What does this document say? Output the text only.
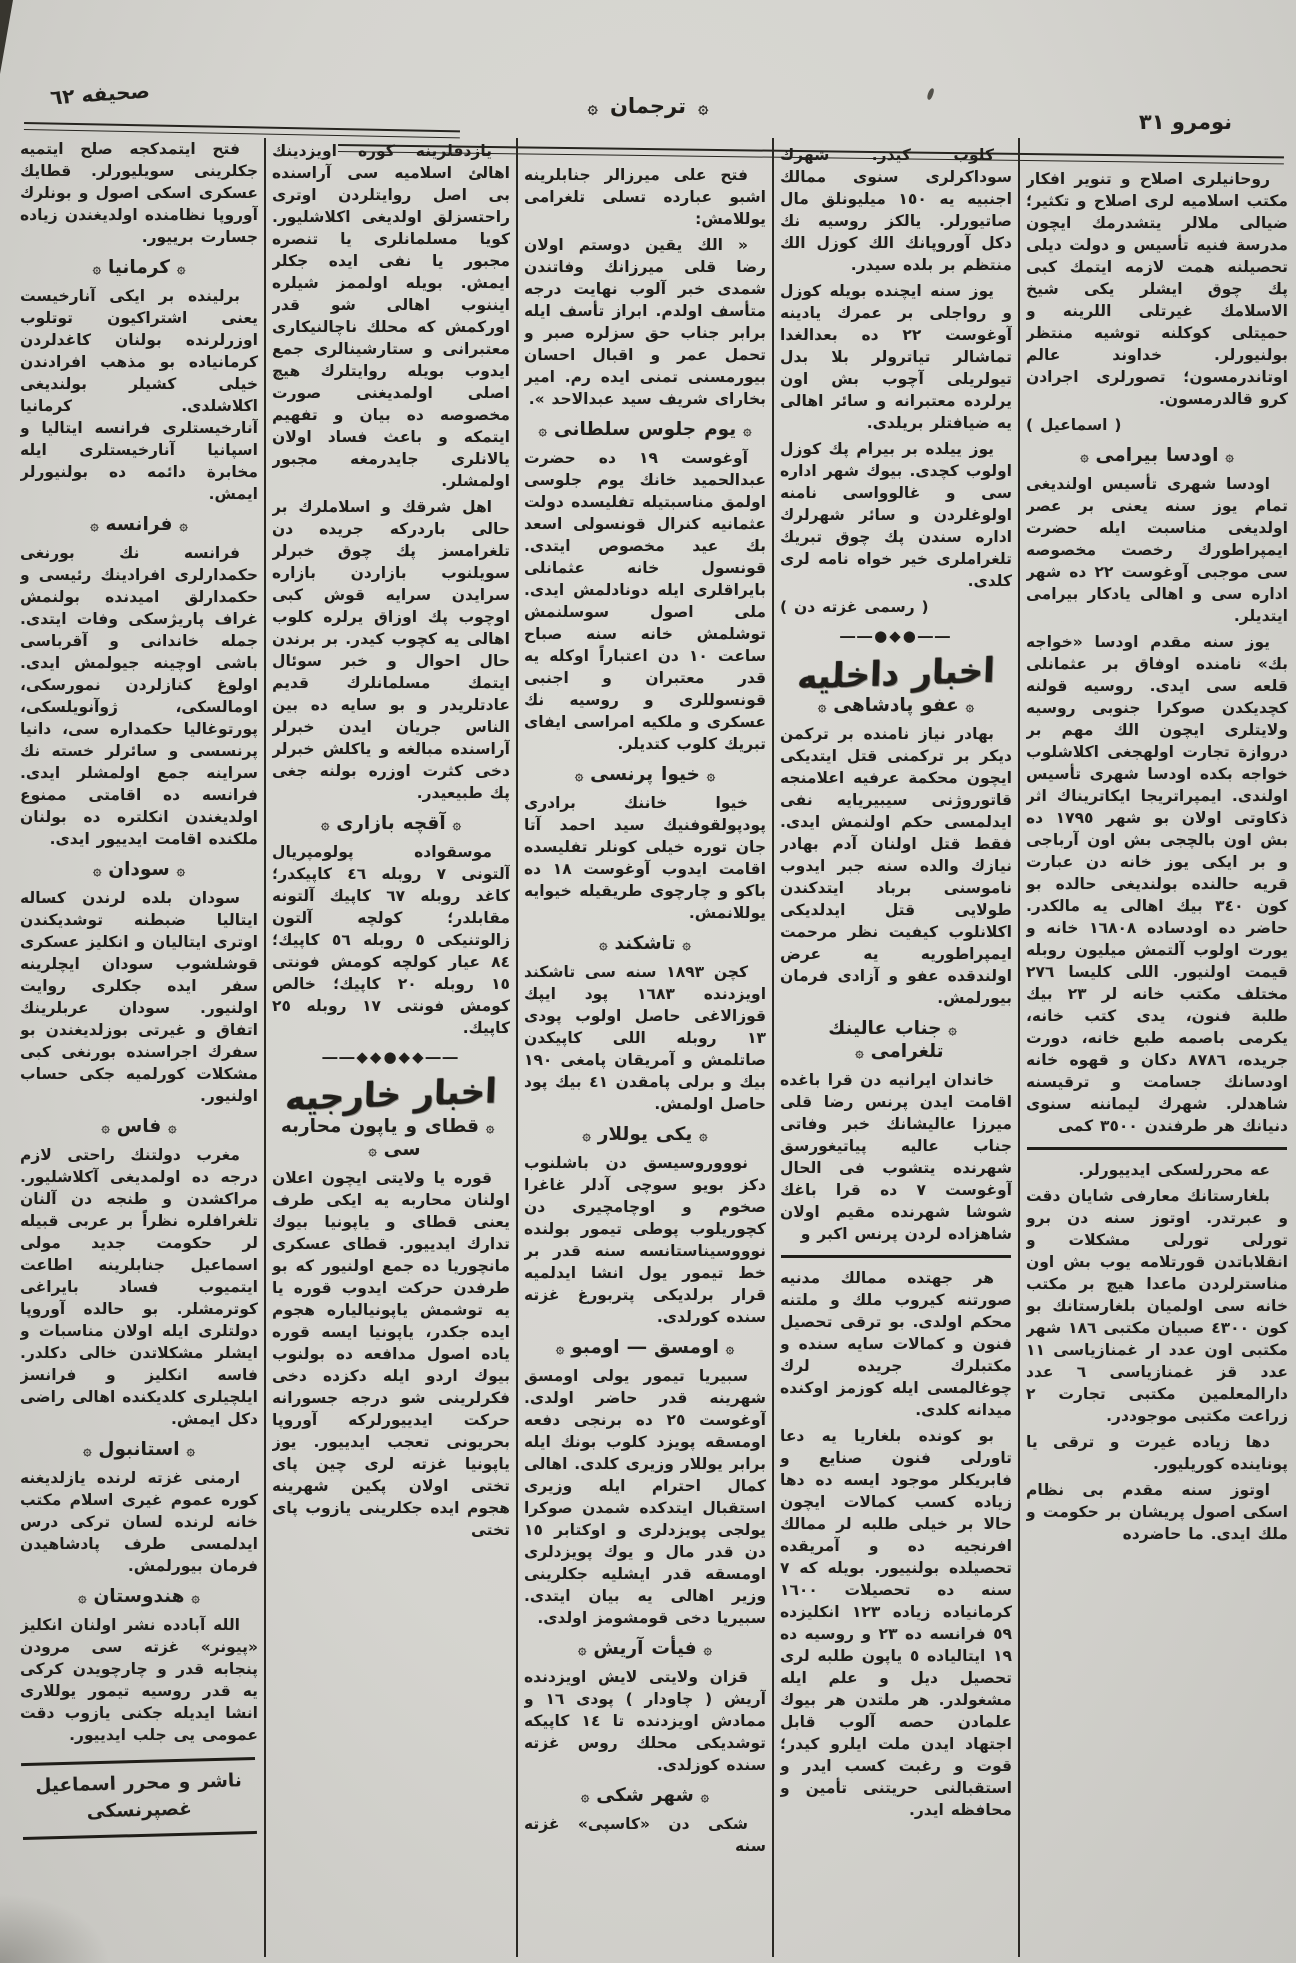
صحيفه ٦٢
۞ ترجمان ۞
نومرو ٣١
روحانيلرى اصلاح و تنوير افكار مكتب اسلاميه لرى اصلاح و تكثير؛ ضيالى ملالر يتشدرمك ايچون مدرسة فنيه تأسيس و دولت ديلى تحصيلنه همت لازمه ايتمك كبى پك چوق ايشلر يكى شيخ الاسلامك غيرتلى اللرينه و حميتلى كوكلنه توشيه منتظر بولنيورلر. خداوند عالم اوتاندرمسون؛ تصورلرى اجرادن كرو قالدرمسون.
( اسماعيل )
۞اودسا بيرامى۞
اودسا شهرى تأسيس اولنديغى تمام يوز سنه يعنى بر عصر اولديغى مناسبت ايله حضرت ايمپراطورك رخصت مخصوصه سى موجبى آوغوست ٢٢ ده شهر اداره سى و اهالى يادكار بيرامى ايتديلر.
يوز سنه مقدم اودسا «خواجه بك» نامنده اوفاق بر عثمانلى قلعه سى ايدى. روسيه قولنه كچديكدن صوكرا جنوبى روسيه ولايتلرى ايچون الك مهم بر دروازة تجارت اولهجغى اكلاشلوب خواجه بكده اودسا شهرى تأسيس اولندى. ايمپراتريجا ايكاتريناك اثر ذكاوتى اولان بو شهر ١٧٩٥ ده بش اون بالچجى بش اون آرباجى و بر ايكى يوز خانه دن عبارت قريه حالنده بولنديغى حالده بو كون ٣٤٠ بيك اهالى يه مالكدر. حاضر ده اودساده ١٦٨٠٨ خانه و يورت اولوب آلتمش ميليون روبله قيمت اولنيور. اللى كليسا ٢٧٦ مختلف مكتب خانه لر ٢٣ بيك طلبة فنون، يدى كتب خانه، يكرمى باصمه طبع خانه، دورت جريده، ٨٧٨٦ دكان و قهوه خانه اودسانك جسامت و ترقيسنه شاهدلر. شهرك ليماننه سنوى دنيانك هر طرفندن ٣٥٠٠ كمى
عه محررلسكى ايدييورلر.
بلغارستانك معارفى شايان دقت و عبرتدر. اوتوز سنه دن برو تورلى تورلى مشكلات و انقلاباتدن قورتلامه يوب بش اون مناسترلردن ماعدا هيچ بر مكتب خانه سى اولميان بلغارستانك بو كون ٤٣٠٠ صبيان مكتبى ١٨٦ شهر مكتبى اون عدد ار غمنازياسى ١١ عدد قز غمنازياسى ٦ عدد دارالمعلمين مكتبى تجارت ٢ زراعت مكتبى موجوددر.
دها زياده غيرت و ترقى يا پوناينده كوريليور.
اوتوز سنه مقدم بى نظام اسكى اصول پريشان بر حكومت و ملك ايدى. ما حاضرده
كلوب كيدر. شهرك سوداكرلرى سنوى ممالك اجنبيه يه ١٥٠ ميليونلق مال صاتيورلر. يالكز روسيه نك دكل آوروپانك الك كوزل الك منتظم بر بلده سيدر.
يوز سنه ايچنده بويله كوزل و رواجلى بر عمرك يادينه آوغوست ٢٢ ده بعدالغدا تماشالر تياترولر بلا بدل تيولريلى آچوب بش اون يرلرده معتبرانه و سائر اهالى يه ضيافتلر بريلدى.
يوز ييلده بر بيرام پك كوزل اولوب كچدى. بيوك شهر اداره سى و غالوواسى نامنه اولوغلردن و سائر شهرلرك اداره سندن پك چوق تبريك تلغراملرى خير خواه نامه لرى كلدى.
( رسمى غزته دن )
――●◆●――
اخبار داخليه
۞عفو پادشاهى۞
بهادر نياز نامنده بر تركمن ديكر بر تركمنى قتل ايتديكى ايچون محكمة عرفيه اعلامنجه قاتوروژنى سيبيريايه نفى ايدلمسى حكم اولنمش ايدى. فقط قتل اولنان آدم بهادر نيازك والده سنه جبر ايدوب ناموسنى برباد ايتدكندن طولايى قتل ايدلديكى اكلانلوب كيفيت نظر مرحمت ايمپراطوريه يه عرض اولندقده عفو و آزادى فرمان بيورلمش.
۞جناب عالينك تلغرامى۞
خاندان ايرانيه دن قرا باغده اقامت ايدن پرنس رضا قلى ميرزا عاليشانك خبر وفاتى جناب عاليه پياتيغورسق شهرنده يتشوب فى الحال آوغوست ٧ ده قرا باغك شوشا شهرنده مقيم اولان شاهزاده لردن پرنس اكبر و
هر جهتده ممالك مدنيه صورتنه كيروب ملك و ملتنه محكم اولدى. بو ترقى تحصيل فنون و كمالات سايه سنده و مكتبلرك جريده لرك چوغالمسى ايله كوزمز اوكنده ميدانه كلدى.
بو كونده بلغاريا يه دعا تاورلى فنون صنايع و فابريكلر موجود ايسه ده دها زياده كسب كمالات ايچون حالا بر خيلى طلبه لر ممالك افرنجيه ده و آمريقده تحصيلده بولنييور. بويله كه ٧ سنه ده تحصيلات ١٦٠٠ كرمانياده زياده ١٢٣ انكليزده ٥٩ فرانسه ده ٢٣ و روسيه ده ١٩ ايتالياده ٥ ياپون طلبه لرى تحصيل ديل و علم ايله مشغولدر. هر ملتدن هر بيوك علمادن حصه آلوب قابل اجتهاد ايدن ملت ايلرو كيدر؛ قوت و رغبت كسب ايدر و استقبالنى حريتنى تأمين و محافظه ايدر.
فتح على ميرزالر جنابلرينه اشبو عبارده تسلى تلغرامى يوللامش:
« الك يقين دوستم اولان رضا قلى ميرزانك وفاتندن شمدى خبر آلوب نهايت درجه متأسف اولدم. ابراز تأسف ايله برابر جناب حق سزلره صبر و تحمل عمر و اقبال احسان بيورمسنى تمنى ايده رم. امير بخاراى شريف سيد عبدالاحد ».
۞يوم جلوس سلطانى۞
آوغوست ١٩ ده حضرت عبدالحميد خانك يوم جلوسى اولمق مناسبتيله تفليسده دولت عثمانيه كنرال قونسولى اسعد بك عيد مخصوص ايتدى. قونسول خانه عثمانلى بايراقلرى ايله دونادلمش ايدى. ملى اصول سوسلنمش توشلمش خانه سنه صباح ساعت ١٠ دن اعتباراً اوكله يه قدر معتبران و اجنبى قونسوللرى و روسيه نك عسكرى و ملكيه امراسى ايفاى تبريك كلوب كتديلر.
۞خيوا پرنسى۞
خيوا خاننك برادرى پودپولقوفنيك سيد احمد آتا جان توره خيلى كونلر تفليسده اقامت ايدوب آوغوست ١٨ ده باكو و چارچوى طريقيله خيوايه يوللانمش.
۞تاشكند۞
كچن ١٨٩٣ سنه سى تاشكند اويزدنده ١٦٨٣ پود ايپك قوزالاغى حاصل اولوب پودى ١٣ روبله اللى كاپيكدن صاتلمش و آمريقان پامغى ١٩٠ بيك و برلى پامقدن ٤١ بيك پود حاصل اولمش.
۞يكى يوللار۞
نوووروسيسق دن باشلنوب دكز بويو سوچى آدلر غاغرا صخوم و اوچامچيرى دن كچوريلوب پوطى تيمور بولنده نوووسيناستانسه سنه قدر بر خط تيمور يول انشا ايدلميه قرار برلديكى پتربورغ غزته سنده كورلدى.
۞اومسق ― اومبو۞
سبيريا تيمور يولى اومسق شهرينه قدر حاضر اولدى. آوغوست ٢٥ ده برنجى دفعه اومسقه پويزد كلوب بونك ايله برابر يوللار وزيرى كلدى. اهالى كمال احترام ايله وزيرى استقبال ايتدكده شمدن صوكرا يولجى پويزدلرى و اوكتابر ١٥ دن قدر مال و يوك پويزدلرى اومسقه قدر ايشليه جكلرينى وزير اهالى يه بيان ايتدى. سبيريا دخى قومشومز اولدى.
۞فيأت آريش۞
قزان ولايتى لايش اويزدنده آريش ( چاودار ) پودى ١٦ و ممادش اويزدنده تا ١٤ كاپيكه توشديكى محلك روس غزته سنده كوزلدى.
۞شهر شكى۞
شكى دن «كاسپى» غزته سنه
يازدقلرينه كوره اويزدينك اهالئ اسلاميه سى آراسنده بى اصل روايتلردن اوترى راحتسزلق اولديغى اكلاشليور. كويا مسلمانلرى يا تنصره مجبور يا نفى ايده جكلر ايمش. بويله اولممز شيلره ايننوب اهالى شو قدر اوركمش كه محلك ناچالنيكارى معتبرانى و ستارشينالرى جمع ايدوب بويله روايتلرك هيچ اصلى اولمديغنى صورت مخصوصه ده بيان و تفهيم ايتمكه و باعث فساد اولان يالانلرى جايدرمغه مجبور اولمشلر.
اهل شرقك و اسلاملرك بر حالى باردركه جريده دن تلغرامسز پك چوق خبرلر سويلنوب بازاردن بازاره سرايدن سرايه قوش كبى اوچوب پك اوزاق يرلره كلوب اهالى يه كچوب كيدر. بر برندن حال احوال و خبر سوئال ايتمك مسلمانلرك قديم عادتلريدر و بو سايه ده بين الناس جريان ايدن خبرلر آراسنده مبالغه و ياكلش خبرلر دخى كثرت اوزره بولنه جغى پك طبيعيدر.
۞آقچه بازارى۞
موسقواده پولومپريال آلتونى ٧ روبله ٤٦ كاپيكدر؛ كاغد روبله ٦٧ كاپيك آلتونه مقابلدر؛ كولچه آلتون زالوتنيكى ٥ روبله ٥٦ كاپيك؛ ٨٤ عيار كولچه كومش فونتى ١٥ روبله ٢٠ كاپيك؛ خالص كومش فونتى ١٧ روبله ٢٥ كاپيك.
――◆◆●◆◆――
اخبار خارجيه
۞قطاى و ياپون محاربه سى۞
قوره يا ولايتى ايچون اعلان اولنان محاربه يه ايكى طرف يعنى قطاى و ياپونيا بيوك تدارك ايدييور. قطاى عسكرى مانچوريا ده جمع اولنيور كه بو طرفدن حركت ايدوب قوره يا يه توشمش ياپونيالياره هجوم ايده جكدر، ياپونيا ايسه قوره ياده اصول مدافعه ده بولنوب بيوك اردو ايله دكزده دخى فكرلرينى شو درجه جسورانه حركت ايدييورلركه آوروپا بحريونى تعجب ايدييور. يوز ياپونيا غزته لرى چين پاى تختى اولان پكين شهرينه هجوم ايده جكلرينى يازوب پاى تختى
فتح ايتمدكجه صلح ايتميه جكلرينى سويليورلر. قطايك عسكرى اسكى اصول و بونلرك آوروپا نظامنده اولديغندن زياده جسارت برييور.
۞كرمانيا۞
برلينده بر ايكى آنارخيست يعنى اشتراكيون توتلوب اوزرلرنده بولنان كاغدلردن كرمانياده بو مذهب افرادندن خيلى كشيلر بولنديغى اكلاشلدى. كرمانيا آنارخيستلرى فرانسه ايتاليا و اسپانيا آنارخيستلرى ايله مخابرة دائمه ده بولنيورلر ايمش.
۞فرانسه۞
فرانسه نك بورنغى حكمدارلرى افرادينك رئيسى و حكمدارلق اميدنده بولنمش غراف پاريژسكى وفات ايتدى. جمله خاندانى و آقرباسى باشى اوچينه جيولمش ايدى. اولوغ كنازلردن نمورسكى، اومالسكى، ژوآنويلسكى، پورتوغاليا حكمداره سى، دانيا پرنسسى و سائرلر خسته نك سراينه جمع اولمشلر ايدى. فرانسه ده اقامتى ممنوع اولديغندن انكلتره ده بولنان ملكنده اقامت ايدييور ايدى.
۞سودان۞
سودان بلده لرندن كساله ايتاليا ضبطنه توشديكندن اوترى ايتاليان و انكليز عسكرى قوشلشوب سودان ايچلرينه سفر ايده جكلرى روايت اولنيور. سودان عربلرينك اتفاق و غيرتى بوزلديغندن بو سفرك اجراسنده بورنغى كبى مشكلات كورلميه جكى حساب اولنيور.
۞فاس۞
مغرب دولتنك راحتى لازم درجه ده اولمديغى آكلاشليور. مراكشدن و طنجه دن آلنان تلغرافلره نظراً بر عربى قبيله لر حكومت جديد مولى اسماعيل جنابلرينه اطاعت ايتميوب فساد بايراغى كوترمشلر. بو حالده آوروپا دولتلرى ايله اولان مناسبات و ايشلر مشكلاتدن خالى دكلدر. فاسه انكليز و فرانسز ايلچيلرى كلديكنده اهالى راضى دكل ايمش.
۞استانبول۞
ارمنى غزته لرنده يازلديغنه كوره عموم غيرى اسلام مكتب خانه لرنده لسان تركى درس ايدلمسى طرف پادشاهيدن فرمان بيورلمش.
۞هندوستان۞
الله آبادده نشر اولنان انكليز «پيونر» غزته سى مرودن پنجابه قدر و چارچويدن كركى يه قدر روسيه تيمور يوللارى انشا ايديله جكنى يازوب دقت عمومى يى جلب ايدييور.
ناشر و محرر اسماعيل
غصپرنسكى
